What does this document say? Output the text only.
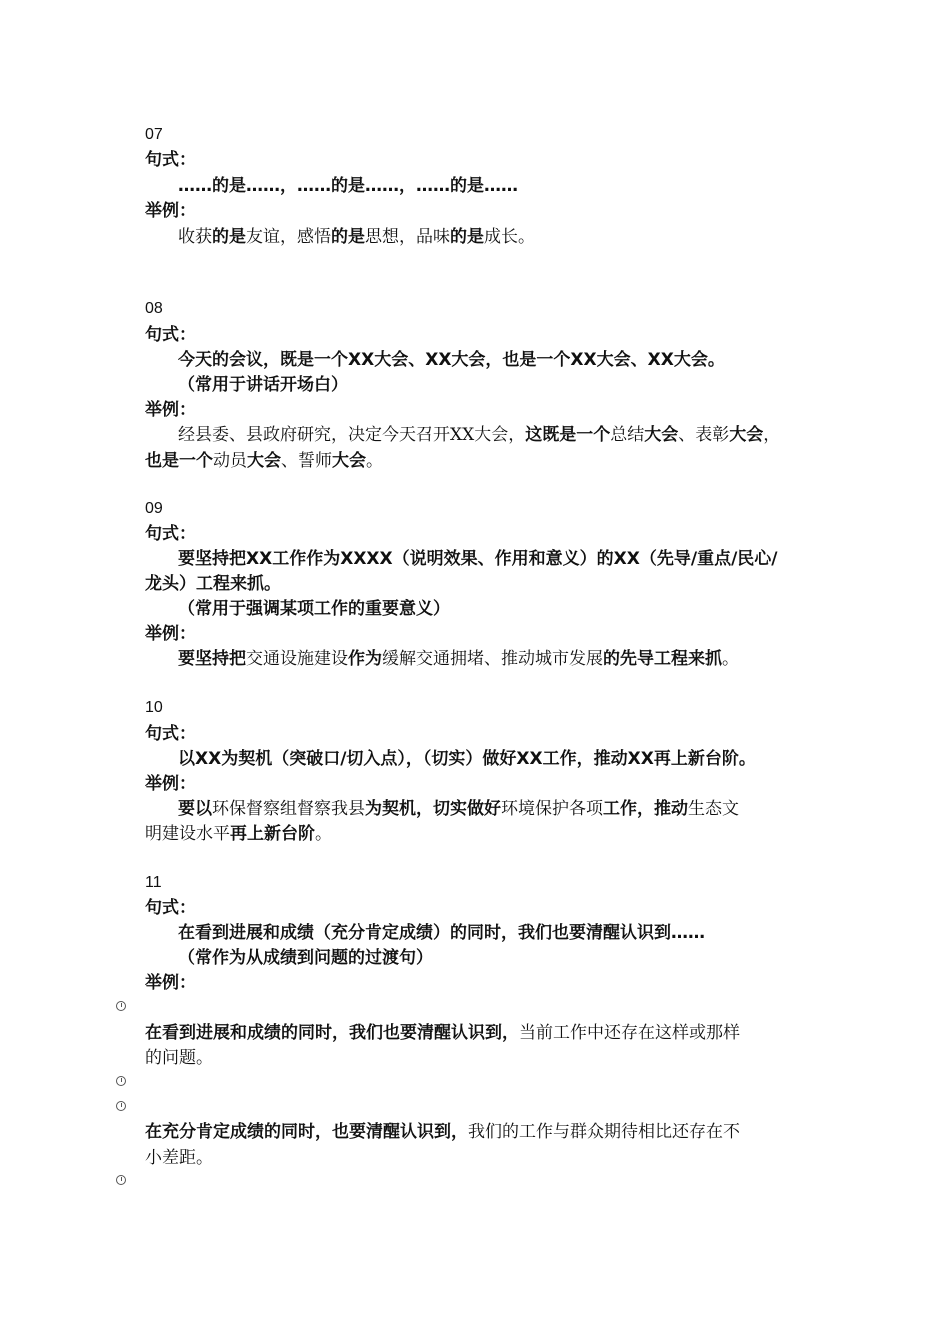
07
句式：
……的是……，……的是……，……的是……
举例：
收获的是友谊，感悟的是思想，品味的是成长。
08
句式：
今天的会议，既是一个XX大会、XX大会，也是一个XX大会、XX大会。
（常用于讲话开场白）
举例：
经县委、县政府研究，决定今天召开XX大会，这既是一个总结大会、表彰大会，
也是一个动员大会、誓师大会。
09
句式：
要坚持把XX工作作为XXXX（说明效果、作用和意义）的XX（先导/重点/民心/
龙头）工程来抓。
（常用于强调某项工作的重要意义）
举例：
要坚持把交通设施建设作为缓解交通拥堵、推动城市发展的先导工程来抓。
10
句式：
以XX为契机（突破口/切入点），（切实）做好XX工作，推动XX再上新台阶。
举例：
要以环保督察组督察我县为契机，切实做好环境保护各项工作，推动生态文
明建设水平再上新台阶。
11
句式：
在看到进展和成绩（充分肯定成绩）的同时，我们也要清醒认识到……
（常作为从成绩到问题的过渡句）
举例：
在看到进展和成绩的同时，我们也要清醒认识到，当前工作中还存在这样或那样
的问题。
在充分肯定成绩的同时，也要清醒认识到，我们的工作与群众期待相比还存在不
小差距。
